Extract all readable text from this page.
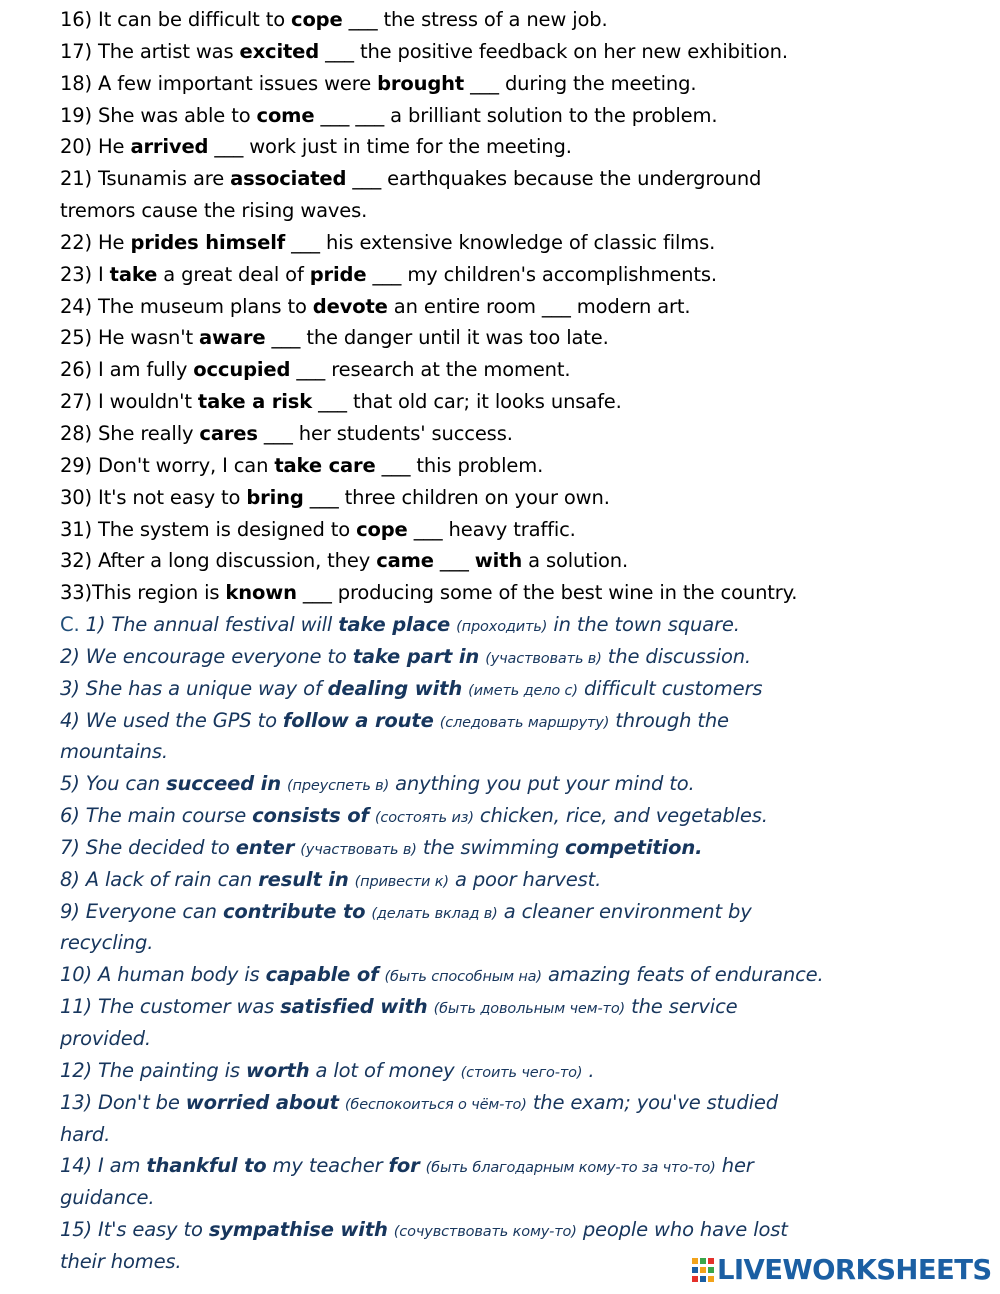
16) It can be difficult to cope ___ the stress of a new job.
17) The artist was excited ___ the positive feedback on her new exhibition.
18) A few important issues were brought ___ during the meeting.
19) She was able to come ___ ___ a brilliant solution to the problem.
20) He arrived ___ work just in time for the meeting.
21) Tsunamis are associated ___ earthquakes because the underground
tremors cause the rising waves.
22) He prides himself ___ his extensive knowledge of classic films.
23) I take a great deal of pride ___ my children's accomplishments.
24) The museum plans to devote an entire room ___ modern art.
25) He wasn't aware ___ the danger until it was too late.
26) I am fully occupied ___ research at the moment.
27) I wouldn't take a risk ___ that old car; it looks unsafe.
28) She really cares ___ her students' success.
29) Don't worry, I can take care ___ this problem.
30) It's not easy to bring ___ three children on your own.
31) The system is designed to cope ___ heavy traffic.
32) After a long discussion, they came ___ with a solution.
33)This region is known ___ producing some of the best wine in the country.
C. 1) The annual festival will take place (проходить) in the town square.
2) We encourage everyone to take part in (участвовать в) the discussion.
3) She has a unique way of dealing with (иметь дело с) difficult customers
4) We used the GPS to follow a route (следовать маршруту) through the
mountains.
5) You can succeed in (преуспеть в) anything you put your mind to.
6) The main course consists of (состоять из) chicken, rice, and vegetables.
7) She decided to enter (участвовать в) the swimming competition.
8) A lack of rain can result in (привести к) a poor harvest.
9) Everyone can contribute to (делать вклад в) a cleaner environment by
recycling.
10) A human body is capable of (быть способным на) amazing feats of endurance.
11) The customer was satisfied with (быть довольным чем-то) the service
provided.
12) The painting is worth a lot of money (стоить чего-то) .
13) Don't be worried about (беспокоиться о чём-то) the exam; you've studied
hard.
14) I am thankful to my teacher for (быть благодарным кому-то за что-то) her
guidance.
15) It's easy to sympathise with (сочувствовать кому-то) people who have lost
their homes.	LIVEWORKSHEETS
